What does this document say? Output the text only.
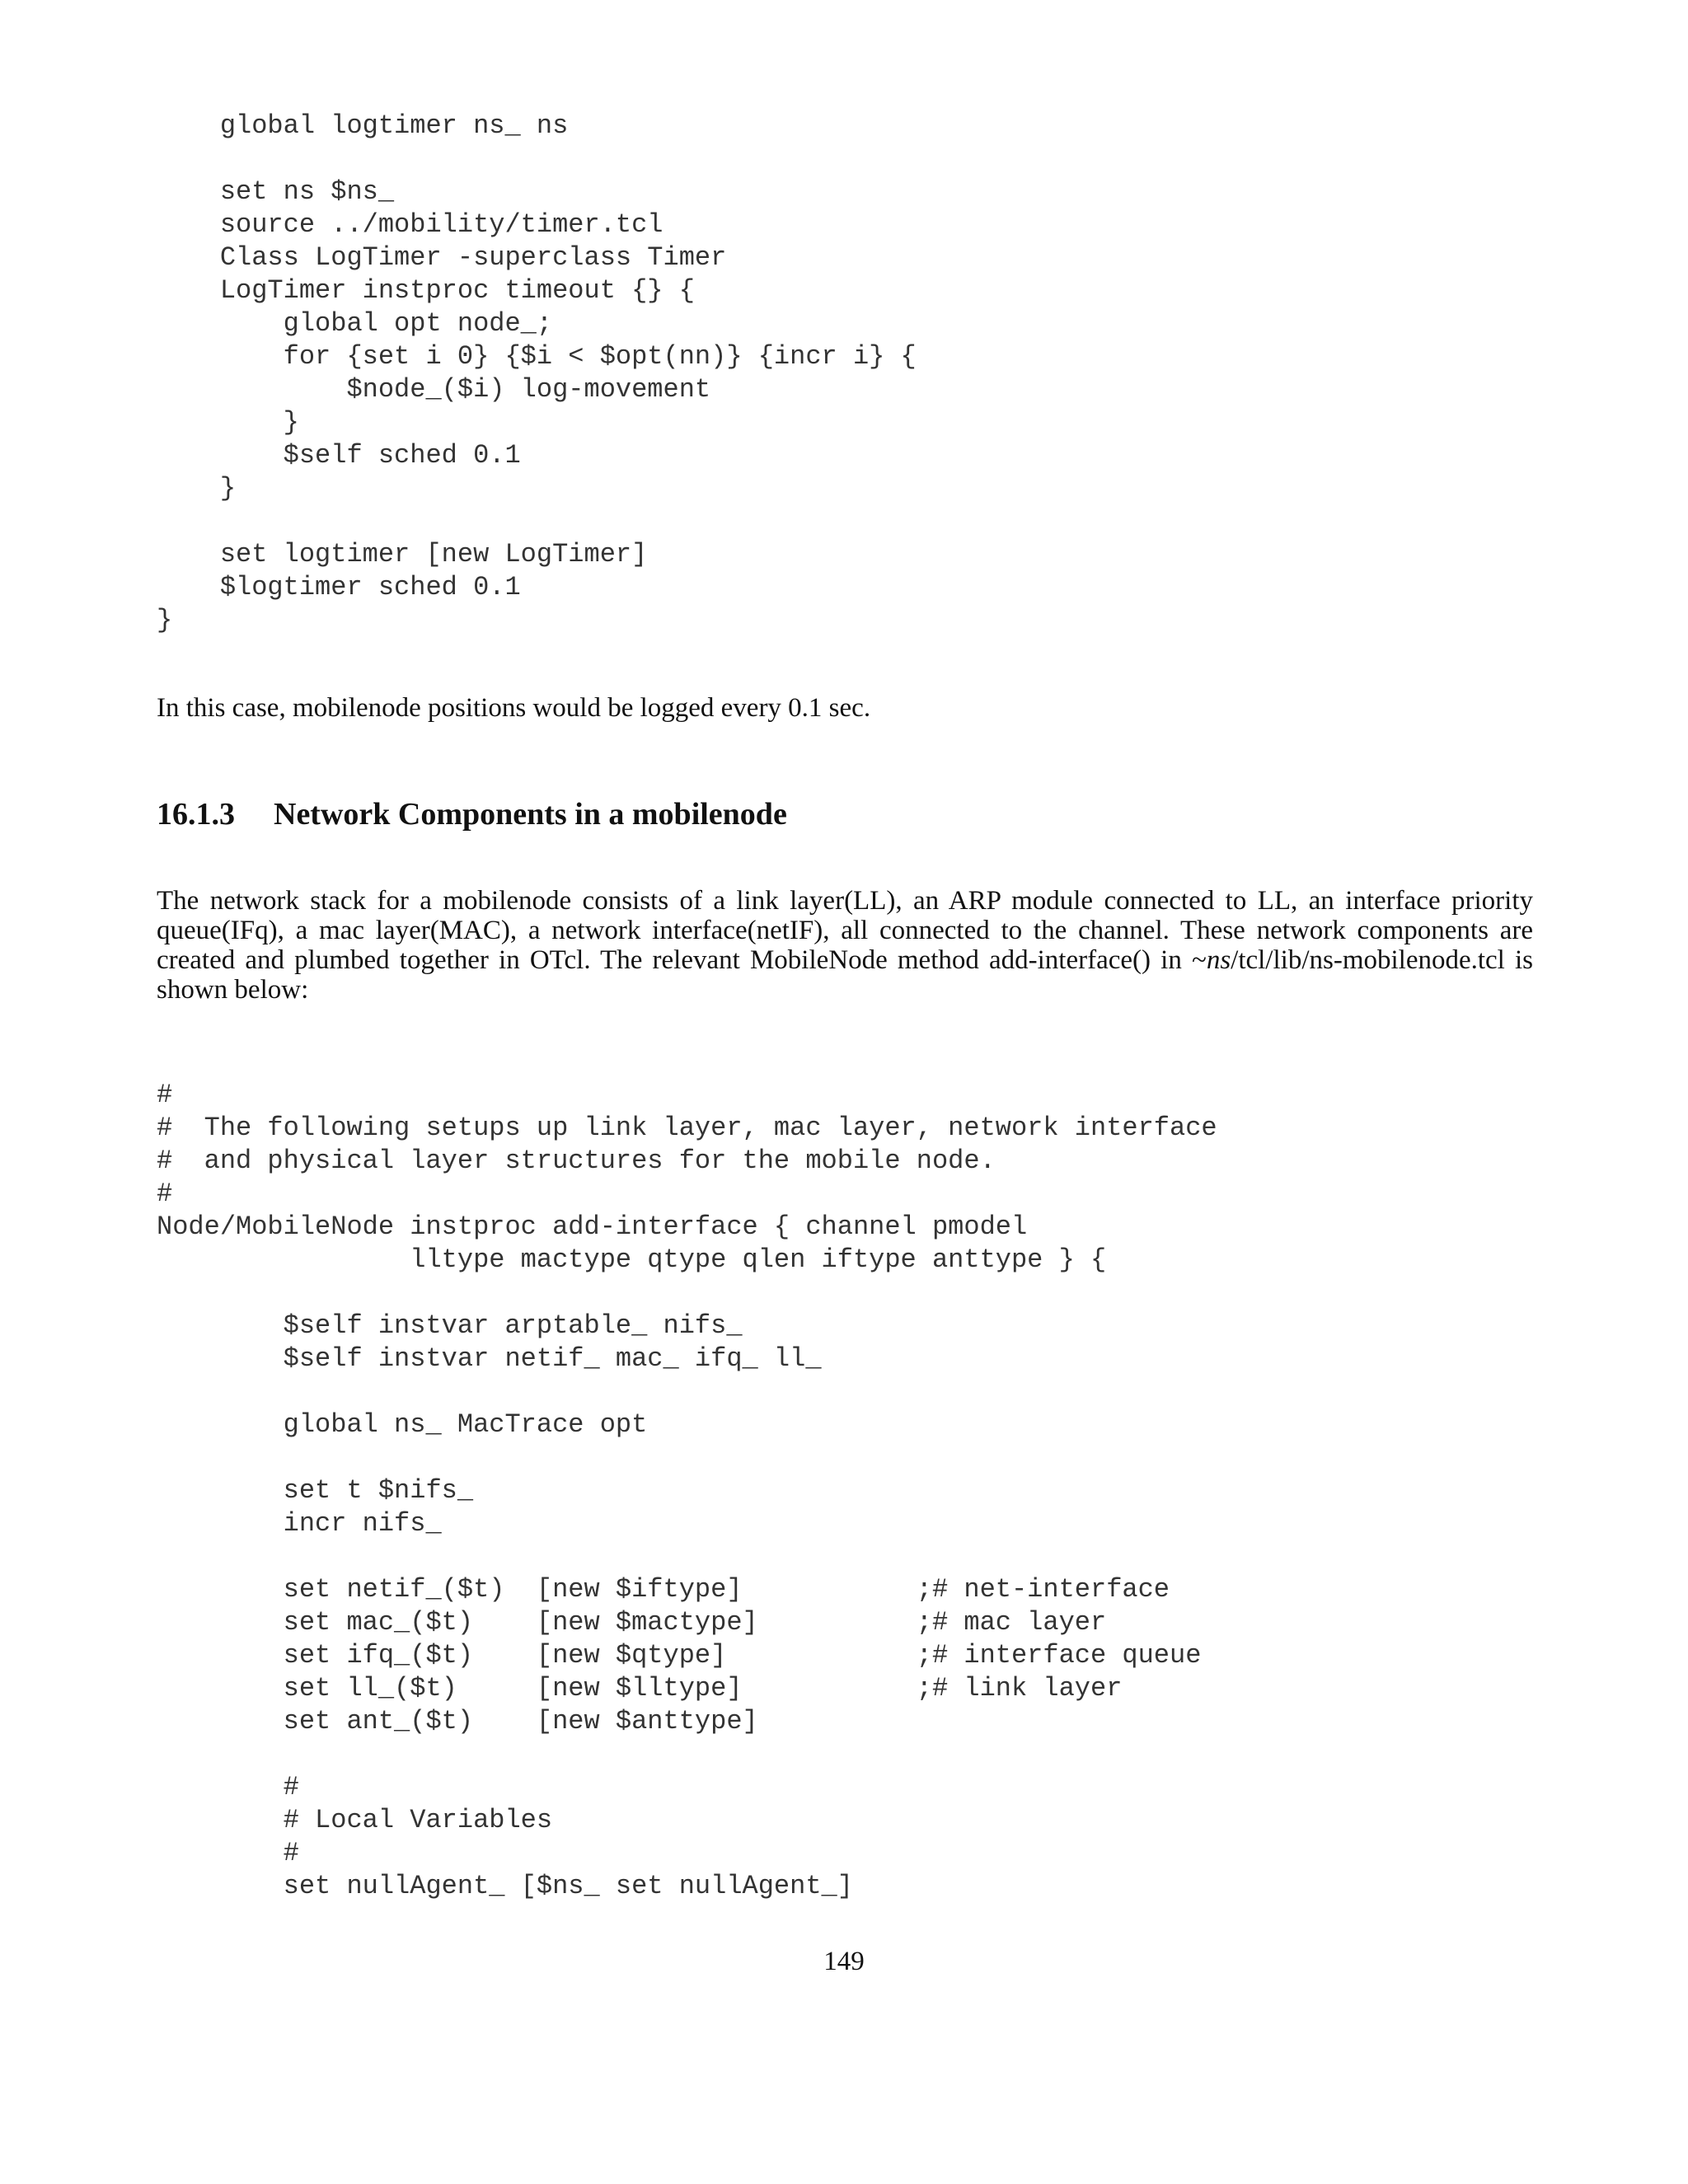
global logtimer ns_ ns

set ns $ns_
source ../mobility/timer.tcl
Class LogTimer -superclass Timer
LogTimer instproc timeout {} {
global opt node_;
for {set i 0} {$i < $opt(nn)} {incr i} {
$node_($i) log-movement
}
$self sched 0.1
}

set logtimer [new LogTimer]
$logtimer sched 0.1
}

In this case, mobilenode positions would be logged every 0.1 sec.

16.1.3 Network Components in a mobilenode

The network stack for a mobilenode consists of a link layer(LL), an ARP module connected to LL, an interface priority queue(IFq), a mac layer(MAC), a network interface(netIF), all connected to the channel. These network components are created and plumbed together in OTcl. The relevant MobileNode method add-interface() in ~ns/tcl/lib/ns-mobilenode.tcl is shown below:

#
#  The following setups up link layer, mac layer, network interface
#  and physical layer structures for the mobile node.
#
Node/MobileNode instproc add-interface { channel pmodel
lltype mactype qtype qlen iftype anttype } {

$self instvar arptable_ nifs_
$self instvar netif_ mac_ ifq_ ll_

global ns_ MacTrace opt

set t $nifs_
incr nifs_

set netif_($t)  [new $iftype]           ;# net-interface
set mac_($t)    [new $mactype]          ;# mac layer
set ifq_($t)    [new $qtype]            ;# interface queue
set ll_($t)     [new $lltype]           ;# link layer
set ant_($t)    [new $anttype]

#
# Local Variables
#
set nullAgent_ [$ns_ set nullAgent_]
149
